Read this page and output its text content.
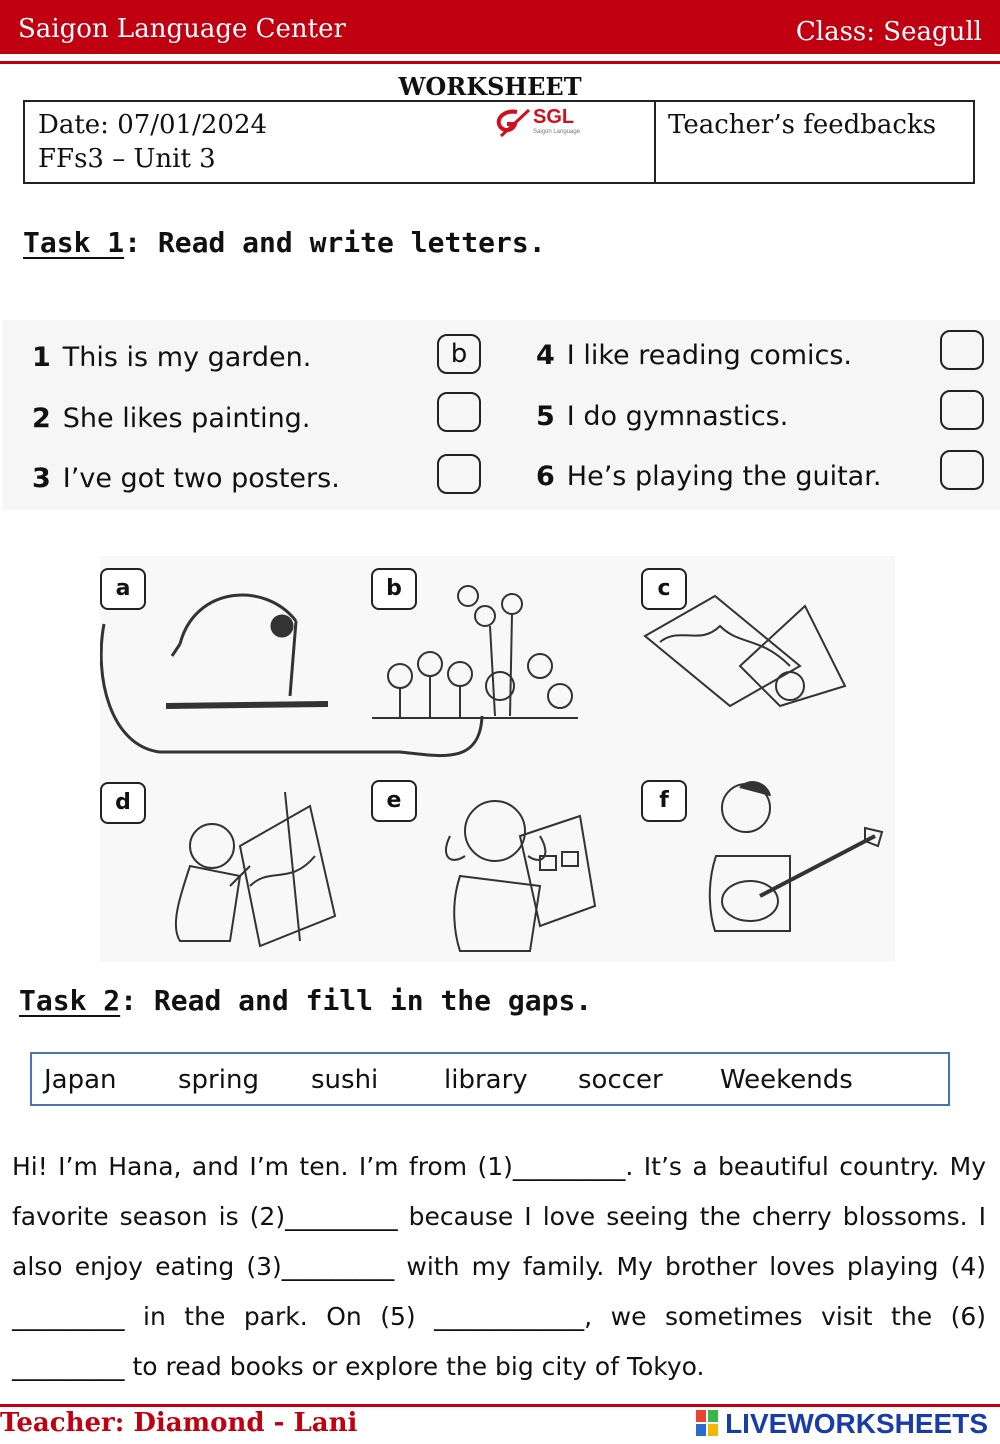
Saigon Language Center	Class: Seagull
WORKSHEET
Date: 07/01/2024
FFs3 – Unit 3
Teacher’s feedbacks
SGL
Saigon Language
Task 1: Read and write letters.
1 This is my garden.
2 She likes painting.
3 I’ve got two posters.
4 I like reading comics.
5 I do gymnastics.
6 He’s playing the guitar.
b
a	b	c
d	e	f
Task 2: Read and fill in the gaps.
Japan spring sushi	library soccer Weekends

Hi! I’m Hana, and I’m ten. I’m from (1)_________. It’s a beautiful country. My favorite season is (2)_________ because I love seeing the cherry blossoms. I also enjoy eating (3)_________ with my family. My brother loves playing (4) _________ in the park. On (5) ____________, we sometimes visit the (6) _________ to read books or explore the big city of Tokyo.

Teacher: Diamond - Lani	LIVEWORKSHEETS
